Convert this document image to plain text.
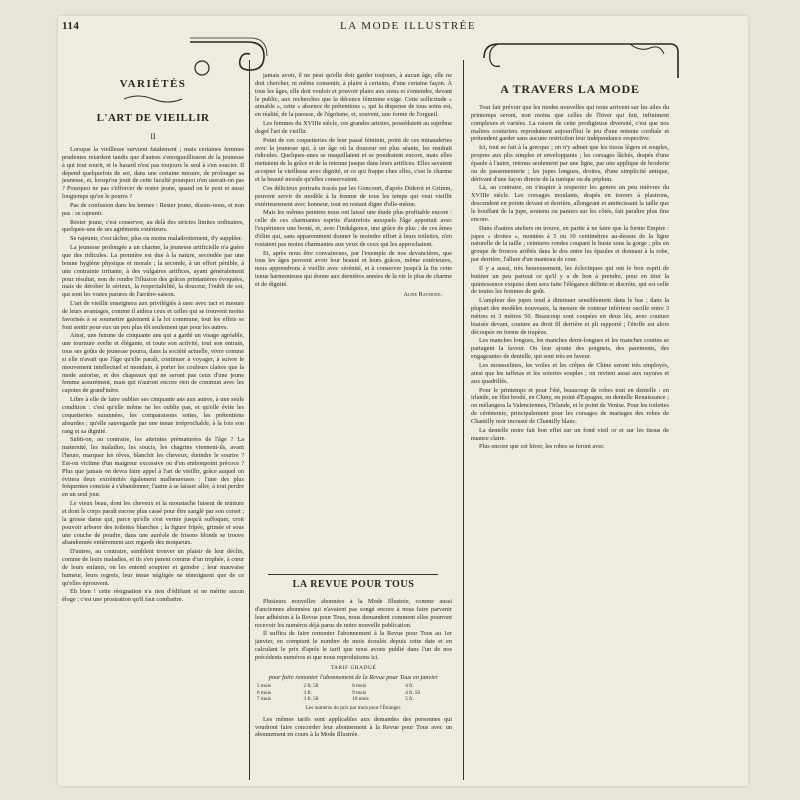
114	LA MODE ILLUSTRÉE
VARIÉTÉS
L'ART DE VIEILLIR
II
A TRAVERS LA MODE

Lorsque la vieillesse survient fatalement ; mais certaines femmes prudentes retardent tandis que d'autres s'enorgueillissent de la jeunesse à qui tout sourit, et le hasard n'est pas toujours le seul à s'en soucier. Il dépend quelquefois de soi, dans une certaine mesure, de prolonger sa jeunesse, et, lorsqu'on jouit de cette faculté pourquoi n'en userait-on pas ? Pourquoi ne pas s'efforcer de rester jeune, quand on le peut et aussi longtemps qu'on le pourra ?

Pas de confusion dans les termes : Rester jeune, disons-nous, et non pas : se rajeunir.

Rester jeune, c'est conserver, au delà des strictes limites ordinaires, quelques-uns de ses agréments extérieurs.

Se rajeunir, c'est tâcher, plus ou moins maladroitement, d'y suppléer.

La jeunesse prolongée a un charme, la jeunesse artificielle n'a guère que des ridicules. La première est due à la nature, secondée par une bonne hygiène physique et morale ; la seconde, à un effort pénible, à une contrainte irritante, à des vulgaires artifices, ayant généralement pour résultat, non de rendre l'illusion des grâces printanières évoquées, mais de dérober le sérieux, la respectabilité, la douceur, l'oubli de soi, qui sont les vraies parures de l'arrière-saison.

L'art de vieillir enseignera aux privilégiés à user avec tact et mesure de leurs avantages, comme il aidera ceux et celles qui se trouvent moins favorisés à se soumettre gaiement à la loi commune, tout les effets se font sentir pour eux un peu plus tôt seulement que pour les autres.

Ainsi, une femme de cinquante ans qui a gardé un visage agréable, une tournure svelte et élégante, et toute son activité, tout son entrain, tous ses goûts de jeunesse pourra, dans la société actuelle, vivre comme si elle n'avait que l'âge qu'elle paraît, continuer à voyager, à suivre le mouvement intellectuel et mondain, à porter les couleurs claires que la mode autorise, et des chapeaux qui ne seront pas ceux d'une jeune femme assurément, mais qui n'auront encore rien de commun avec les capotes de grand'mère.

Libre à elle de faire oublier ses cinquante ans aux autres, à une seule condition : c'est qu'elle même ne les oublie pas, et qu'elle évite les coquetteries surannées, les comparaisons sottes, les prétentions absurdes ; qu'elle sauvegarde par une tenue irréprochable, à la fois son rang et sa dignité.

Subit-on, au contraire, les atteintes prématurées de l'âge ? La maternité, les maladies, les soucis, les chagrins viennent-ils, avant l'heure, marquer les rêves, blanchir les cheveux, éteindre le sourire ? Est-on victime d'un maigreur excessive ou d'un embonpoint précoce ? Plus que jamais on devra faire appel à l'art de vieillir, grâce auquel on évitera deux extrémités également malheureuses : l'une des plus fréquentes consiste à s'abandonner, l'autre à se laisser aller, à tout perdre en un seul jour.

Le vieux beau, dont les cheveux et la moustache luisent de teinture et dont le corps paraît encore plus cassé pour être sanglé par son corset ; la grosse dame qui, parce qu'elle s'est vernie jusqu'à suffoquer, croit pouvoir arborer des toilettes blanches ; la figure fripée, grimée et sous une couche de poudre, dans une auréole de frisons blonds se trouve abandonnée entièrement aux regards des moqueurs.

D'autres, au contraire, semblent trouver un plaisir de leur déclin, comme de leurs maladies, et ils s'en parent comme d'un trophée, à cœur de leurs enfants, on les entend soupirer et geindre ; leur mauvaise humeur, leurs regrets, leur tenue négligée ne témoignent que de ce qu'elles éprouvent.

Eh bien ! cette résignation n'a rien d'édifiant et ne mérite aucun éloge ; c'est une prostration qu'il faut combattre.

jamais avoir, il ne peut qu'elle doit garder toujours, à aucun âge, elle ne doit chercher, ni même consentir, à plaire à certains, d'une certaine façon. À tous les âges, elle doit vouloir et pouvoir plaire aux siens et s'entendre, devant le public, aux recherches que la décence féminine exige. Cette sollicitude « aimable », cette « absence de prétentions », qui la dispense de tous soins est, en réalité, de la paresse, de l'égoïsme, et, souvent, une forme de l'orgueil.

Les femmes du XVIIIe siècle, ces grandes artistes, possédaient au suprême degré l'art de vieillir.

Point de ces coquetteries de leur passé féminin, point de ces minauderies avec la jeunesse qui, à un âge où la douceur est plus séante, les rendrait ridicules. Quelques-unes se maquillaient et se poudraient encore, mais elles mettaient de la grâce et de la retenue jusque dans leurs artifices. Elles savaient accepter la vieillesse avec dignité, et ce qui frappe chez elles, c'est le charme et la beauté morale qu'elles conservaient.

Ces délicieux portraits tracés par les Goncourt, d'après Diderot et Grimm, peuvent servir de modèle à la femme de tous les temps qui veut vieillir extérieurement avec honneur, tout en restant digne d'elle-même.

Mais les mêmes peintres nous ont laissé une étude plus profitable encore : celle de ces charmantes esprits d'autrefois auxquels l'âge apportait avec l'expérience une bonté, et, avec l'indulgence, une grâce de plus ; de ces âmes d'élite qui, sans apparemment donner le moindre effort à leurs toilettes, n'en restaient pas moins charmantes aux yeux de ceux qui les approchaient.

Et, après nous être convaincues, par l'exemple de nos devancières, que tous les âges peuvent avoir leur beauté et leurs grâces, même extérieures, nous apprendrons à vieillir avec sérénité, et à conserver jusqu'à la fin cette tenue harmonieuse qui donne aux dernières années de la vie le plus de charme et de dignité.

Aline Raymond.
LA REVUE POUR TOUS

Plusieurs nouvelles abonnées à la Mode Illustrée, comme aussi d'anciennes abonnées qui n'avaient pas songé encore à nous faire parvenir leur adhésion à la Revue pour Tous, nous demandent comment elles pourront recevoir les numéros déjà parus de notre nouvelle publication.

Il suffira de faire remonter l'abonnement à la Revue pour Tous au 1er janvier, en comptant le nombre de mois écoulés depuis cette date et en calculant le prix d'après le tarif que nous avons publié dans l'un de nos précédents numéros et que nous reproduisons ici.

TARIF GRADUÉ
pour faire remonter l'abonnement de la Revue pour Tous en janvier
5 mois	2 fr. 50	8 mois	4 fr.
6 mois	3 fr.	9 mois	4 fr. 50
7 mois	3 fr. 50	10 mois	5 fr.
Les numéros du prix par mois pour l'Étranger.

Les mêmes tarifs sont applicables aux demandes des personnes qui voudront faire concorder leur abonnement à la Revue pour Tous avec un abonnement en cours à la Mode Illustrée.

Tout fait prévoir que les modes nouvelles qui nous arrivent sur les ailes du printemps seront, non moins que celles de l'hiver qui fuit, infiniment complexes et variées. La raison de cette prodigieuse diversité, c'est que nos maîtres couturiers reproduisent aujourd'hui le jeu d'une entente cordiale et prétendent garder sans aucune restriction leur indépendance respective.

Ici, tout se fait à la grecque ; on n'y admet que les tissus légers et souples, propres aux plis simples et enveloppants ; les corsages lâchés, drapés d'une épaule à l'autre, retenus seulement par une ligne, par une applique de broderie ou de passementerie ; les jupes longues, droites, d'une simplicité antique, dérivant d'une façon directe de la tunique ou du péplum.

Là, au contraire, on s'inspire à respecter les genres un peu mièvres du XVIIIe siècle. Les corsages moulants, drapés en travers à plastrons, descendent en pointe devant et derrière, allongeant et amincissant la taille que le bouffant de la jupe, soutenu ou paniers sur les côtés, fait paraître plus fine encore.

Dans d'autres ateliers on trouve, en partie à ne faire que la forme Empire : jupes « droites », montées à 5 ou 10 centimètres au-dessus de la ligne naturelle de la taille ; ceintures rondes coupant le buste sous la gorge ; plis en groupe de fronces arrêtés dans le dos entre les épaules et donnant à la robe, par derrière, l'allure d'un manteau de cour.

Il y a aussi, très heureusement, les éclectiques qui ont le bon esprit de butiner un peu partout ce qu'il y a de bon à prendre, pour en tirer la quintessence exquise dont sera faite l'élégance définie et discrète, qui est celle de toutes les femmes de goût.

L'ampleur des jupes tend à diminuer sensiblement dans le bas ; dans la plupart des modèles nouveaux, la mesure de contour inférieur oscille entre 3 mètres et 3 mètres 50. Beaucoup sont coupées en deux lés, avec couture biaisée devant, couture au droit fil derrière et pli rapporté ; l'étoffe est alors découpée en forme de trapèze.

Les manches longues, les manches demi-longues et les manches courtes se partagent la faveur. On leur ajoute des poignets, des parements, des engageantes de dentelle, qui sont très en faveur.

Les mousselines, les voiles et les crêpes de Chine seront très employés, ainsi que les taffetas et les soieries souples ; on revient aussi aux rayures et aux quadrillés.

Pour le printemps et pour l'été, beaucoup de robes tout en dentelle : en irlande, en filet brodé, en Cluny, en point d'Espagne, en dentelle Renaissance ; on mélangera la Valenciennes, l'Irlande, et le point de Venise. Pour les toilettes de cérémonie, principalement pour les corsages de mariages des robes de Chantilly noir incrusté de Chantilly blanc.

La dentelle noire fait bon effet sur un fond vieil or et sur les tissus de nuance claire.

Plus encore que cet hiver, les robes se feront avec
